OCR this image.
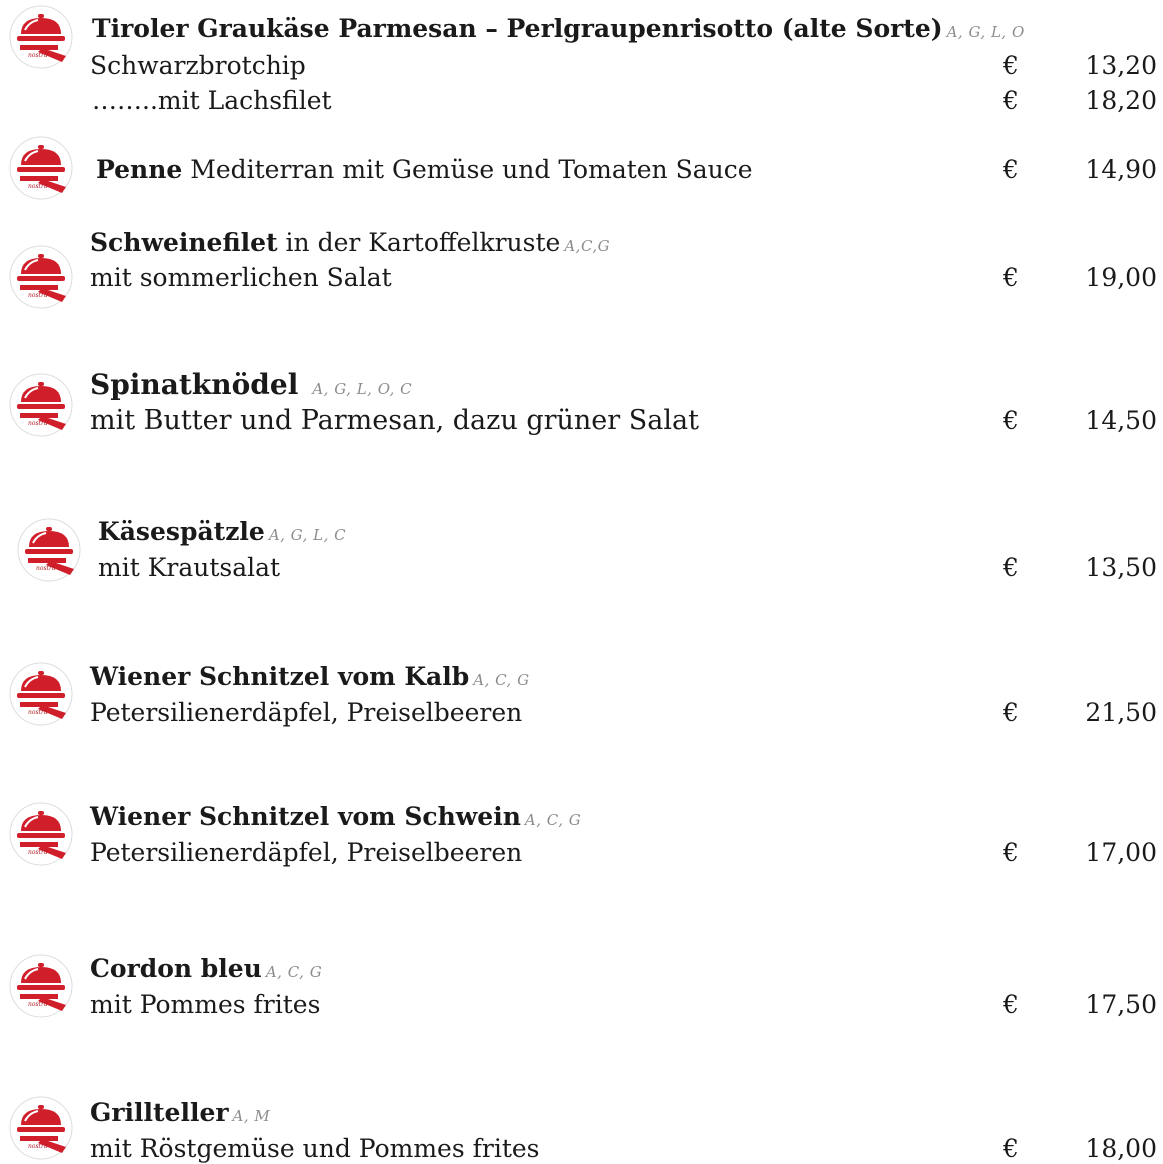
Tiroler Graukäse Parmesan – Perlgraupenrisotto (alte Sorte) A, G, L, O
Schwarzbrotchip	€	13,20
……..mit Lachsfilet	€	18,20
Penne Mediterran mit Gemüse und Tomaten Sauce	€	14,90
Schweinefilet in der Kartoffelkruste A,C,G
mit sommerlichen Salat	€	19,00
Spinatknödel A, G, L, O, C
mit Butter und Parmesan, dazu grüner Salat	€	14,50
Käsespätzle A, G, L, C
mit Krautsalat	€	13,50
Wiener Schnitzel vom Kalb A, C, G
Petersilienerdäpfel, Preiselbeeren	€	21,50
Wiener Schnitzel vom Schwein A, C, G
Petersilienerdäpfel, Preiselbeeren	€	17,00
Cordon bleu A, C, G
mit Pommes frites	€	17,50
Grillteller A, M
mit Röstgemüse und Pommes frites	€	18,00
